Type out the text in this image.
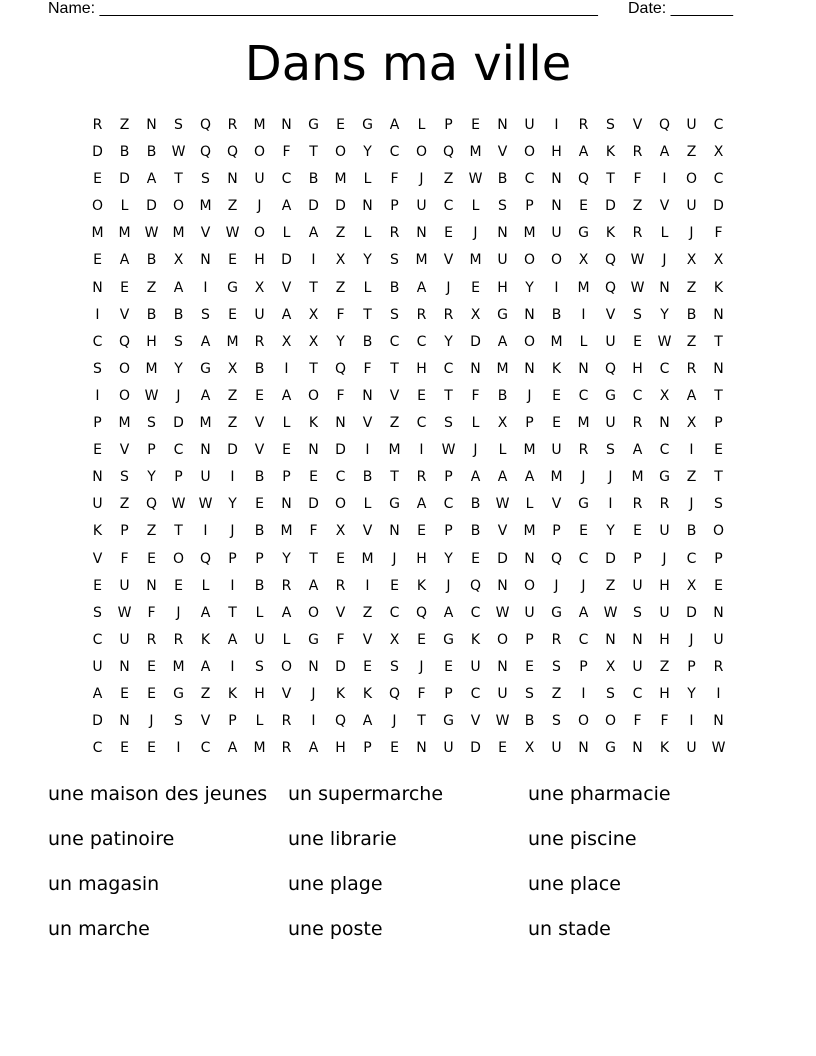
Name: ________________________________________________________ Date: _______
Dans ma ville
R	Z	N	S	Q	R	M	N	G	E	G	A	L	P	E	N	U	I	R	S	V	Q	U	C
D	B	B	W	Q	Q	O	F	T	O	Y	C	O	Q	M	V	O	H	A	K	R	A	Z	X
E	D	A	T	S	N	U	C	B	M	L	F	J	Z	W	B	C	N	Q	T	F	I	O	C
O	L	D	O	M	Z	J	A	D	D	N	P	U	C	L	S	P	N	E	D	Z	V	U	D
M	M	W	M	V	W	O	L	A	Z	L	R	N	E	J	N	M	U	G	K	R	L	J	F
E	A	B	X	N	E	H	D	I	X	Y	S	M	V	M	U	O	O	X	Q	W	J	X	X
N	E	Z	A	I	G	X	V	T	Z	L	B	A	J	E	H	Y	I	M	Q	W	N	Z	K
I	V	B	B	S	E	U	A	X	F	T	S	R	R	X	G	N	B	I	V	S	Y	B	N
C	Q	H	S	A	M	R	X	X	Y	B	C	C	Y	D	A	O	M	L	U	E	W	Z	T
S	O	M	Y	G	X	B	I	T	Q	F	T	H	C	N	M	N	K	N	Q	H	C	R	N
I	O	W	J	A	Z	E	A	O	F	N	V	E	T	F	B	J	E	C	G	C	X	A	T
P	M	S	D	M	Z	V	L	K	N	V	Z	C	S	L	X	P	E	M	U	R	N	X	P
E	V	P	C	N	D	V	E	N	D	I	M	I	W	J	L	M	U	R	S	A	C	I	E
N	S	Y	P	U	I	B	P	E	C	B	T	R	P	A	A	A	M	J	J	M	G	Z	T
U	Z	Q	W W	Y	E	N	D	O	L	G	A	C	B	W	L	V	G	I	R	R	J	S
K	P	Z	T	I	J	B	M	F	X	V	N	E	P	B	V	M	P	E	Y	E	U	B	O
V	F	E	O	Q	P	P	Y	T	E	M	J	H	Y	E	D	N	Q	C	D	P	J	C	P
E	U	N	E	L	I	B	R	A	R	I	E	K	J	Q	N	O	J	J	Z	U	H	X	E
S	W	F	J	A	T	L	A	O	V	Z	C	Q	A	C	W	U	G	A	W	S	U	D	N
C	U	R	R	K	A	U	L	G	F	V	X	E	G	K	O	P	R	C	N	N	H	J	U
U	N	E	M	A	I	S	O	N	D	E	S	J	E	U	N	E	S	P	X	U	Z	P	R
A	E	E	G	Z	K	H	V	J	K	K	Q	F	P	C	U	S	Z	I	S	C	H	Y	I
D	N	J	S	V	P	L	R	I	Q	A	J	T	G	V	W	B	S	O	O	F	F	I	N
C	E	E	I	C	A	M	R	A	H	P	E	N	U	D	E	X	U	N	G	N	K	U	W
une maison des jeunes	un supermarche	une pharmacie
une patinoire	une librarie	une piscine
un magasin	une plage	une place
un marche	une poste	un stade
